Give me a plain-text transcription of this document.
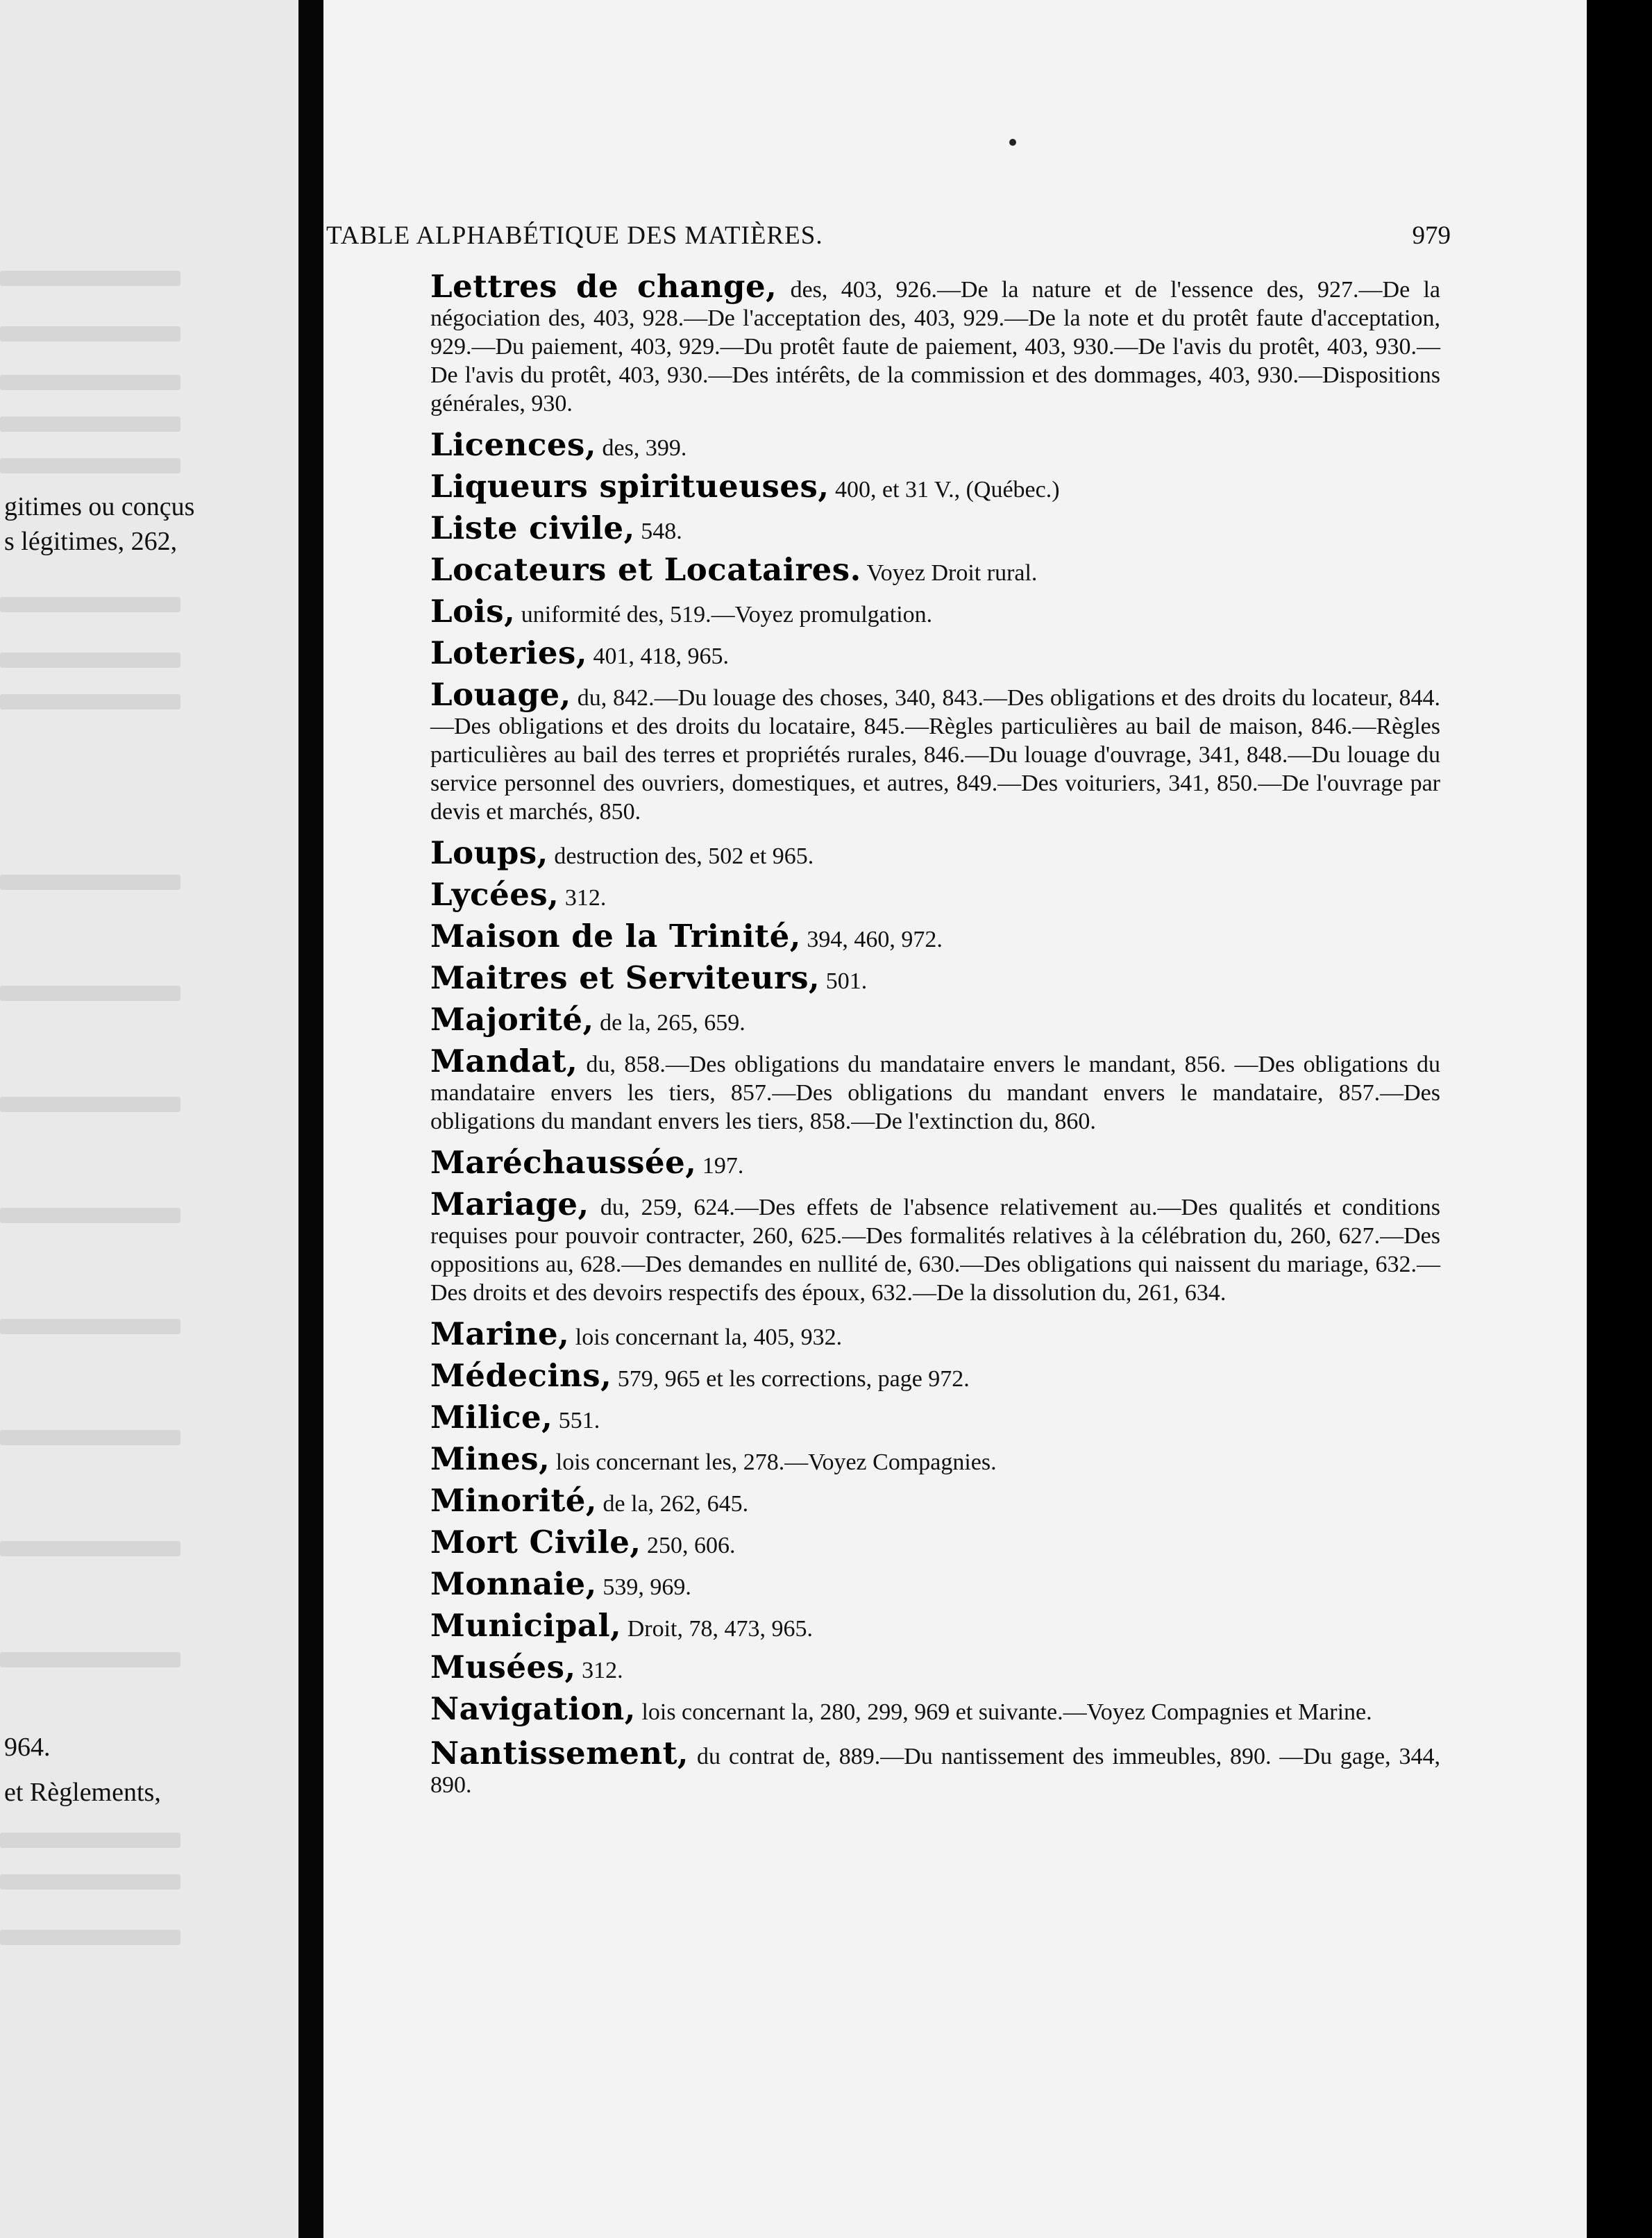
gitimes ou conçus
s légitimes, 262,
964.
et Règlements,
TABLE ALPHABÉTIQUE DES MATIÈRES.	979
Lettres de change, des, 403, 926.—De la nature et de l'essence des, 927.—De la négociation des, 403, 928.—De l'acceptation des, 403, 929.—De la note et du protêt faute d'acceptation, 929.—Du paiement, 403, 929.—Du protêt faute de paiement, 403, 930.—De l'avis du protêt, 403, 930.—De l'avis du protêt, 403, 930.—Des intérêts, de la commission et des dommages, 403, 930.—Dispositions générales, 930.
Licences, des, 399.
Liqueurs spiritueuses, 400, et 31 V., (Québec.)
Liste civile, 548.
Locateurs et Locataires. Voyez Droit rural.
Lois, uniformité des, 519.—Voyez promulgation.
Loteries, 401, 418, 965.
Louage, du, 842.—Du louage des choses, 340, 843.—Des obligations et des droits du locateur, 844.—Des obligations et des droits du locataire, 845.—Règles particulières au bail de maison, 846.—Règles particulières au bail des terres et propriétés rurales, 846.—Du louage d'ouvrage, 341, 848.—Du louage du service personnel des ouvriers, domestiques, et autres, 849.—Des voituriers, 341, 850.—De l'ouvrage par devis et marchés, 850.
Loups, destruction des, 502 et 965.
Lycées, 312.
Maison de la Trinité, 394, 460, 972.
Maitres et Serviteurs, 501.
Majorité, de la, 265, 659.
Mandat, du, 858.—Des obligations du mandataire envers le mandant, 856. —Des obligations du mandataire envers les tiers, 857.—Des obligations du mandant envers le mandataire, 857.—Des obligations du mandant envers les tiers, 858.—De l'extinction du, 860.
Maréchaussée, 197.
Mariage, du, 259, 624.—Des effets de l'absence relativement au.—Des qualités et conditions requises pour pouvoir contracter, 260, 625.—Des formalités relatives à la célébration du, 260, 627.—Des oppositions au, 628.—Des demandes en nullité de, 630.—Des obligations qui naissent du mariage, 632.—Des droits et des devoirs respectifs des époux, 632.—De la dissolution du, 261, 634.
Marine, lois concernant la, 405, 932.
Médecins, 579, 965 et les corrections, page 972.
Milice, 551.
Mines, lois concernant les, 278.—Voyez Compagnies.
Minorité, de la, 262, 645.
Mort Civile, 250, 606.
Monnaie, 539, 969.
Municipal, Droit, 78, 473, 965.
Musées, 312.
Navigation, lois concernant la, 280, 299, 969 et suivante.—Voyez Compagnies et Marine.
Nantissement, du contrat de, 889.—Du nantissement des immeubles, 890. —Du gage, 344, 890.
